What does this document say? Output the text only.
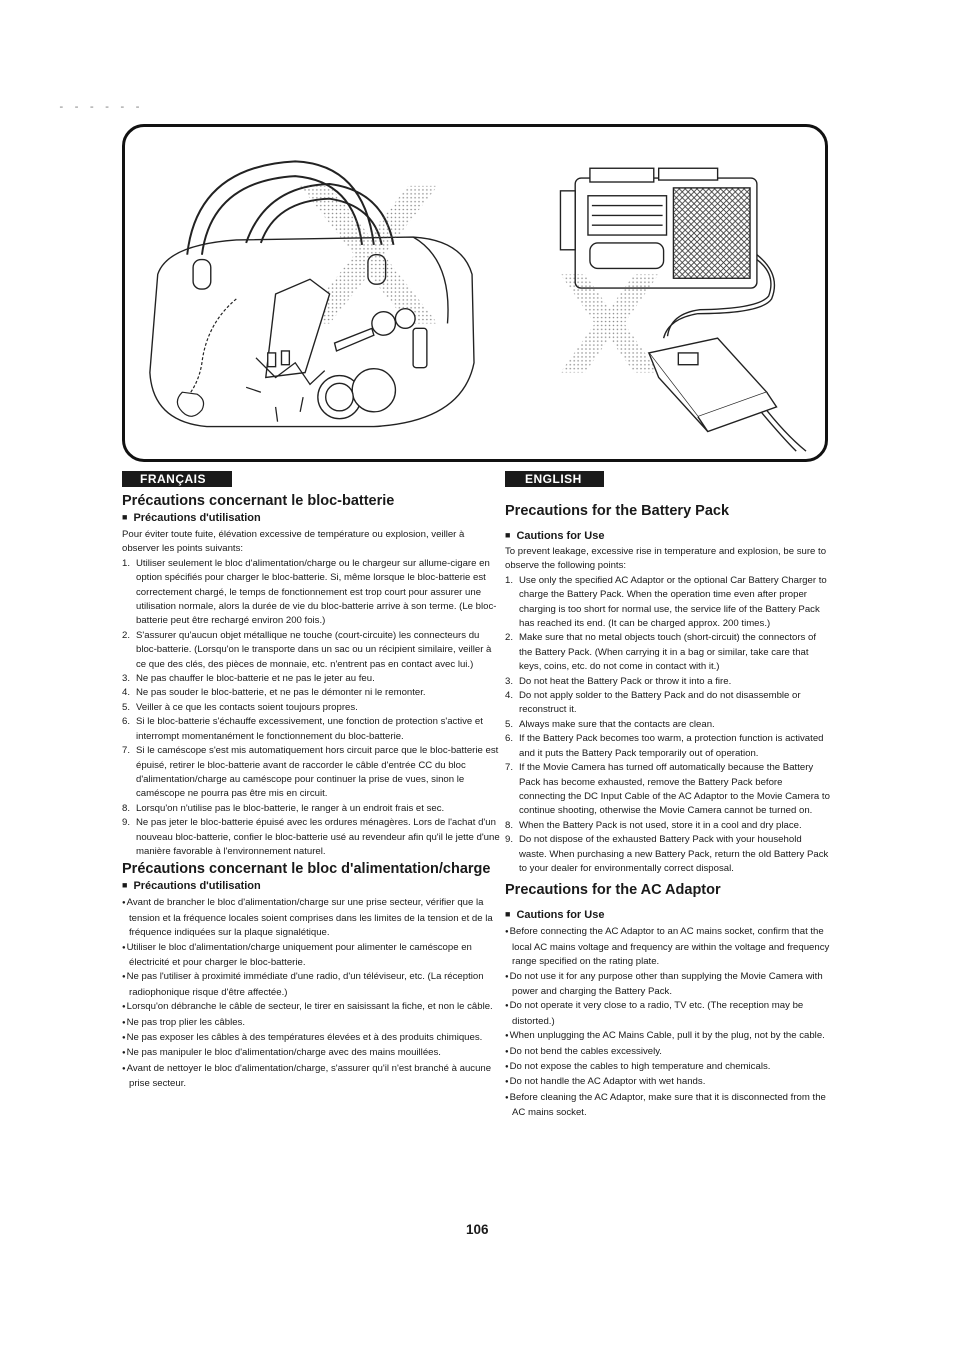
- - - - - -
FRANÇAIS
Précautions concernant le bloc-batterie
■ Précautions d'utilisation

Pour éviter toute fuite, élévation excessive de température ou explosion, veiller à observer les points suivants:

1. Utiliser seulement le bloc d'alimentation/charge ou le chargeur sur allume-cigare en option spécifiés pour charger le bloc-batterie. Si, même lorsque le bloc-batterie est correctement chargé, le temps de fonctionnement est trop court pour assurer une utilisation normale, alors la durée de vie du bloc-batterie arrive à son terme. (Le bloc-batterie peut être rechargé environ 200 fois.)
2. S'assurer qu'aucun objet métallique ne touche (court-circuite) les connecteurs du bloc-batterie. (Lorsqu'on le transporte dans un sac ou un récipient similaire, veiller à ce que des clés, des pièces de monnaie, etc. n'entrent pas en contact avec lui.)
3. Ne pas chauffer le bloc-batterie et ne pas le jeter au feu.
4. Ne pas souder le bloc-batterie, et ne pas le démonter ni le remonter.
5. Veiller à ce que les contacts soient toujours propres.
6. Si le bloc-batterie s'échauffe excessivement, une fonction de protection s'active et interrompt momentanément le fonctionnement du bloc-batterie.
7. Si le caméscope s'est mis automatiquement hors circuit parce que le bloc-batterie est épuisé, retirer le bloc-batterie avant de raccorder le câble d'entrée CC du bloc d'alimentation/charge au caméscope pour continuer la prise de vues, sinon le caméscope ne pourra pas être mis en circuit.
8. Lorsqu'on n'utilise pas le bloc-batterie, le ranger à un endroit frais et sec.
9. Ne pas jeter le bloc-batterie épuisé avec les ordures ménagères. Lors de l'achat d'un nouveau bloc-batterie, confier le bloc-batterie usé au revendeur afin qu'il le jette d'une manière favorable à l'environnement naturel.
Précautions concernant le bloc d'alimentation/charge
■ Précautions d'utilisation
● Avant de brancher le bloc d'alimentation/charge sur une prise secteur, vérifier que la tension et la fréquence locales soient comprises dans les limites de la tension et de la fréquence indiquées sur la plaque signalétique.
● Utiliser le bloc d'alimentation/charge uniquement pour alimenter le caméscope en électricité et pour charger le bloc-batterie.
● Ne pas l'utiliser à proximité immédiate d'une radio, d'un téléviseur, etc. (La réception radiophonique risque d'être affectée.)
● Lorsqu'on débranche le câble de secteur, le tirer en saisissant la fiche, et non le câble.
● Ne pas trop plier les câbles.
● Ne pas exposer les câbles à des températures élevées et à des produits chimiques.
● Ne pas manipuler le bloc d'alimentation/charge avec des mains mouillées.
● Avant de nettoyer le bloc d'alimentation/charge, s'assurer qu'il n'est branché à aucune prise secteur.
ENGLISH
Precautions for the Battery Pack
■ Cautions for Use

To prevent leakage, excessive rise in temperature and explosion, be sure to observe the following points:

1. Use only the specified AC Adaptor or the optional Car Battery Charger to charge the Battery Pack. When the operation time even after proper charging is too short for normal use, the service life of the Battery Pack has reached its end. (It can be charged approx. 200 times.)
2. Make sure that no metal objects touch (short-circuit) the connectors of the Battery Pack. (When carrying it in a bag or similar, take care that keys, coins, etc. do not come in contact with it.)
3. Do not heat the Battery Pack or throw it into a fire.
4. Do not apply solder to the Battery Pack and do not disassemble or reconstruct it.
5. Always make sure that the contacts are clean.
6. If the Battery Pack becomes too warm, a protection function is activated and it puts the Battery Pack temporarily out of operation.
7. If the Movie Camera has turned off automatically because the Battery Pack has become exhausted, remove the Battery Pack before connecting the DC Input Cable of the AC Adaptor to the Movie Camera to continue shooting, otherwise the Movie Camera cannot be turned on.
8. When the Battery Pack is not used, store it in a cool and dry place.
9. Do not dispose of the exhausted Battery Pack with your household waste. When purchasing a new Battery Pack, return the old Battery Pack to your dealer for environmentally correct disposal.
Precautions for the AC Adaptor
■ Cautions for Use
● Before connecting the AC Adaptor to an AC mains socket, confirm that the local AC mains voltage and frequency are within the voltage and frequency range specified on the rating plate.
● Do not use it for any purpose other than supplying the Movie Camera with power and charging the Battery Pack.
● Do not operate it very close to a radio, TV etc. (The reception may be distorted.)
● When unplugging the AC Mains Cable, pull it by the plug, not by the cable.
● Do not bend the cables excessively.
● Do not expose the cables to high temperature and chemicals.
● Do not handle the AC Adaptor with wet hands.
● Before cleaning the AC Adaptor, make sure that it is disconnected from the AC mains socket.
106
